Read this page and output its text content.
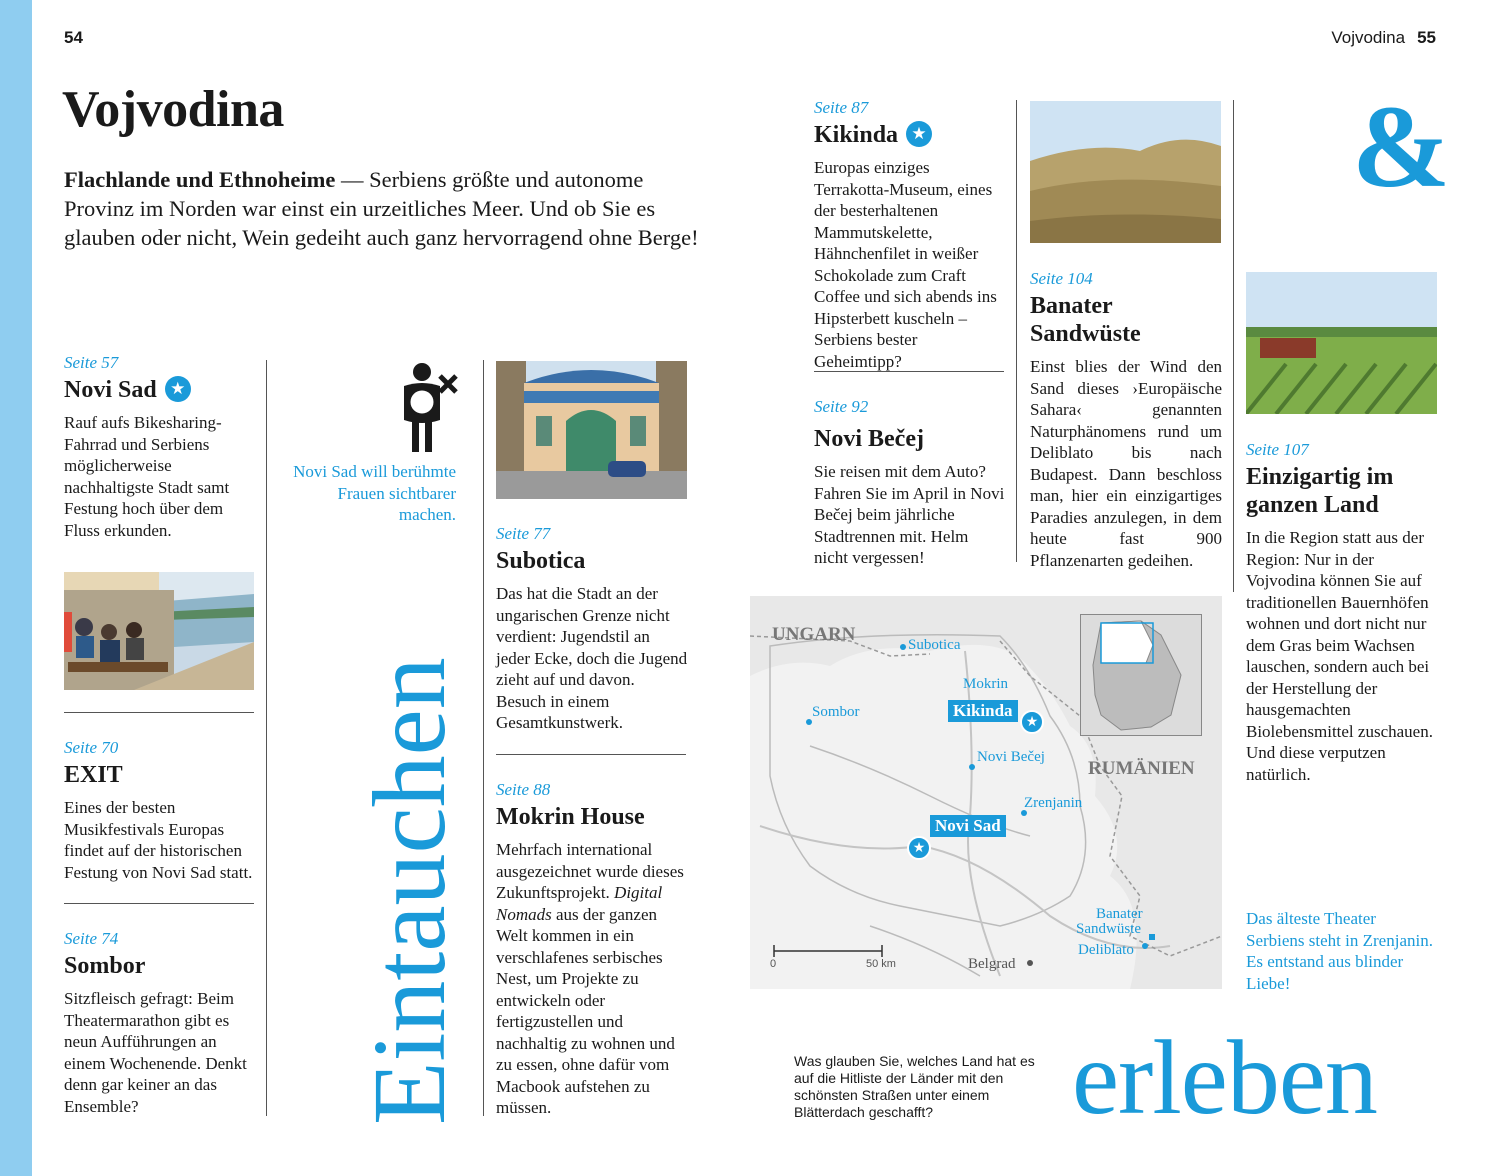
54	Vojvodina 55
Vojvodina
Flachlande und Ethnoheime — Serbiens größte und autonome Provinz im Norden war einst ein urzeitliches Meer. Und ob Sie es glauben oder nicht, Wein gedeiht auch ganz hervorragend ohne Berge!
Seite 57
Novi Sad ★
Rauf aufs Bikesharing-Fahrrad und Serbiens möglicherweise nachhaltigste Stadt samt Festung hoch über dem Fluss erkunden.
Seite 70
EXIT
Eines der besten Musikfestivals Europas findet auf der historischen Festung von Novi Sad statt.
Seite 74
Sombor
Sitzfleisch gefragt: Beim Theatermarathon gibt es neun Aufführungen an einem Wochenende. Denkt denn gar keiner an das Ensemble?
Novi Sad will berühmte Frauen sichtbarer machen.
Eintauchen
Seite 77
Subotica
Das hat die Stadt an der ungarischen Grenze nicht verdient: Jugendstil an jeder Ecke, doch die Jugend zieht auf und davon. Besuch in einem Gesamtkunstwerk.
Seite 88
Mokrin House
Mehrfach international ausgezeichnet wurde dieses Zukunftsprojekt. Digital Nomads aus der ganzen Welt kommen in ein verschlafenes serbisches Nest, um Projekte zu entwickeln oder fertigzustellen und nachhaltig zu wohnen und zu essen, ohne dafür vom Macbook aufstehen zu müssen.
Seite 87
Kikinda ★
Europas einziges Terrakotta-Museum, eines der besterhaltenen Mammutskelette, Hähnchenfilet in weißer Schokolade zum Craft Coffee und sich abends ins Hipsterbett kuscheln – Serbiens bester Geheimtipp?
Seite 92
Novi Bečej
Sie reisen mit dem Auto? Fahren Sie im April in Novi Bečej beim jährliche Stadtrennen mit. Helm nicht vergessen!
Seite 104
Banater Sandwüste
Einst blies der Wind den Sand dieses ›Europäische Sahara‹ genannten Naturphänomens rund um Deliblato bis nach Budapest. Dann beschloss man, hier ein einzigartiges Paradies anzulegen, in dem heute fast 900 Pflanzenarten gedeihen.
&
Seite 107
Einzigartig im ganzen Land
In die Region statt aus der Region: Nur in der Vojvodina können Sie auf traditionellen Bauernhöfen wohnen und dort nicht nur dem Gras beim Wachsen lauschen, sondern auch bei der Herstellung der hausgemachten Biolebensmittel zuschauen. Und diese verputzen natürlich.
Das älteste Theater Serbiens steht in Zrenjanin. Es entstand aus blinder Liebe!
UNGARN
RUMÄNIEN
Subotica
Mokrin
Kikinda
★
Sombor
Novi Bečej
Zrenjanin
Novi Sad
★
Banater
Sandwüste
Deliblato
Belgrad
0	50 km
Was glauben Sie, welches Land hat es auf die Hitliste der Länder mit den schönsten Straßen unter einem Blätterdach geschafft?	erleben
